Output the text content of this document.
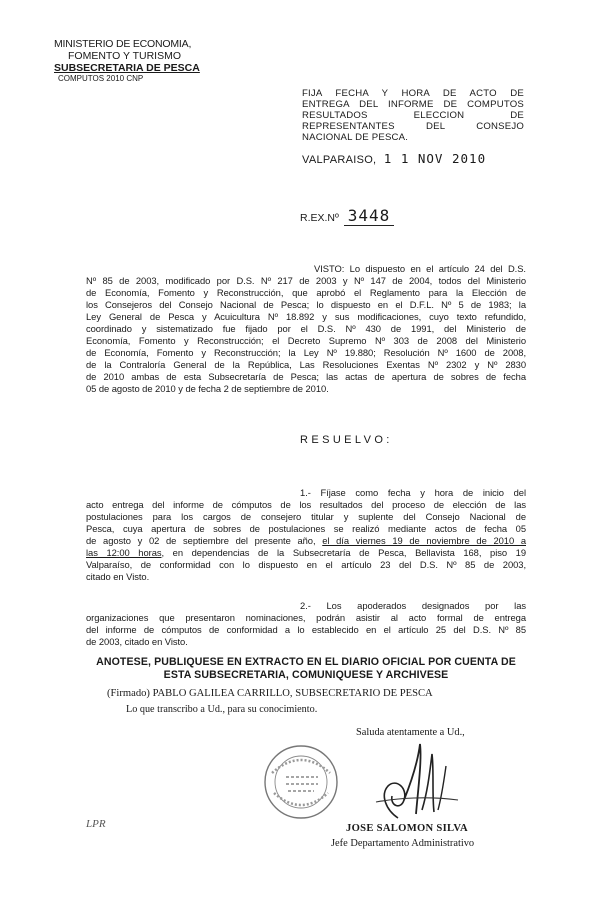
MINISTERIO DE ECONOMIA,
FOMENTO Y TURISMO
SUBSECRETARIA DE PESCA
COMPUTOS 2010 CNP
FIJA FECHA Y HORA DE ACTO DE
ENTREGA DEL INFORME DE COMPUTOS
RESULTADOS ELECCION DE
REPRESENTANTES DEL CONSEJO
NACIONAL DE PESCA.
VALPARAISO, 1 1 NOV 2010
R.EX.Nº 3448
VISTO: Lo dispuesto en el artículo 24 del D.S.
Nº 85 de 2003, modificado por D.S. Nº 217 de 2003 y Nº 147 de 2004, todos del Ministerio
de Economía, Fomento y Reconstrucción, que aprobó el Reglamento para la Elección de
los Consejeros del Consejo Nacional de Pesca; lo dispuesto en el D.F.L. Nº 5 de 1983; la
Ley General de Pesca y Acuicultura Nº 18.892 y sus modificaciones, cuyo texto refundido,
coordinado y sistematizado fue fijado por el D.S. Nº 430 de 1991, del Ministerio de
Economía, Fomento y Reconstrucción; el Decreto Supremo Nº 303 de 2008 del Ministerio
de Economía, Fomento y Reconstrucción; la Ley Nº 19.880; Resolución Nº 1600 de 2008,
de la Contraloría General de la República, Las Resoluciones Exentas Nº 2302 y Nº 2830
de 2010 ambas de esta Subsecretaría de Pesca; las actas de apertura de sobres de fecha
05 de agosto de 2010 y de fecha 2 de septiembre de 2010.
RESUELVO:
1.- Fíjase como fecha y hora de inicio del
acto entrega del informe de cómputos de los resultados del proceso de elección de las
postulaciones para los cargos de consejero titular y suplente del Consejo Nacional de
Pesca, cuya apertura de sobres de postulaciones se realizó mediante actos de fecha 05
de agosto y 02 de septiembre del presente año, el día viernes 19 de noviembre de 2010 a
las 12:00 horas, en dependencias de la Subsecretaría de Pesca, Bellavista 168, piso 19
Valparaíso, de conformidad con lo dispuesto en el artículo 23 del D.S. Nº 85 de 2003,
citado en Visto.
2.- Los apoderados designados por las
organizaciones que presentaron nominaciones, podrán asistir al acto formal de entrega
del informe de cómputos de conformidad a lo establecido en el artículo 25 del D.S. Nº 85
de 2003, citado en Visto.
ANOTESE, PUBLIQUESE EN EXTRACTO EN EL DIARIO OFICIAL POR CUENTA DE
ESTA SUBSECRETARIA, COMUNIQUESE Y ARCHIVESE
(Firmado) PABLO GALILEA CARRILLO, SUBSECRETARIO DE PESCA
Lo que transcribo a Ud., para su conocimiento.
Saluda atentamente a Ud.,
JOSE SALOMON SILVA
Jefe Departamento Administrativo
LPR
